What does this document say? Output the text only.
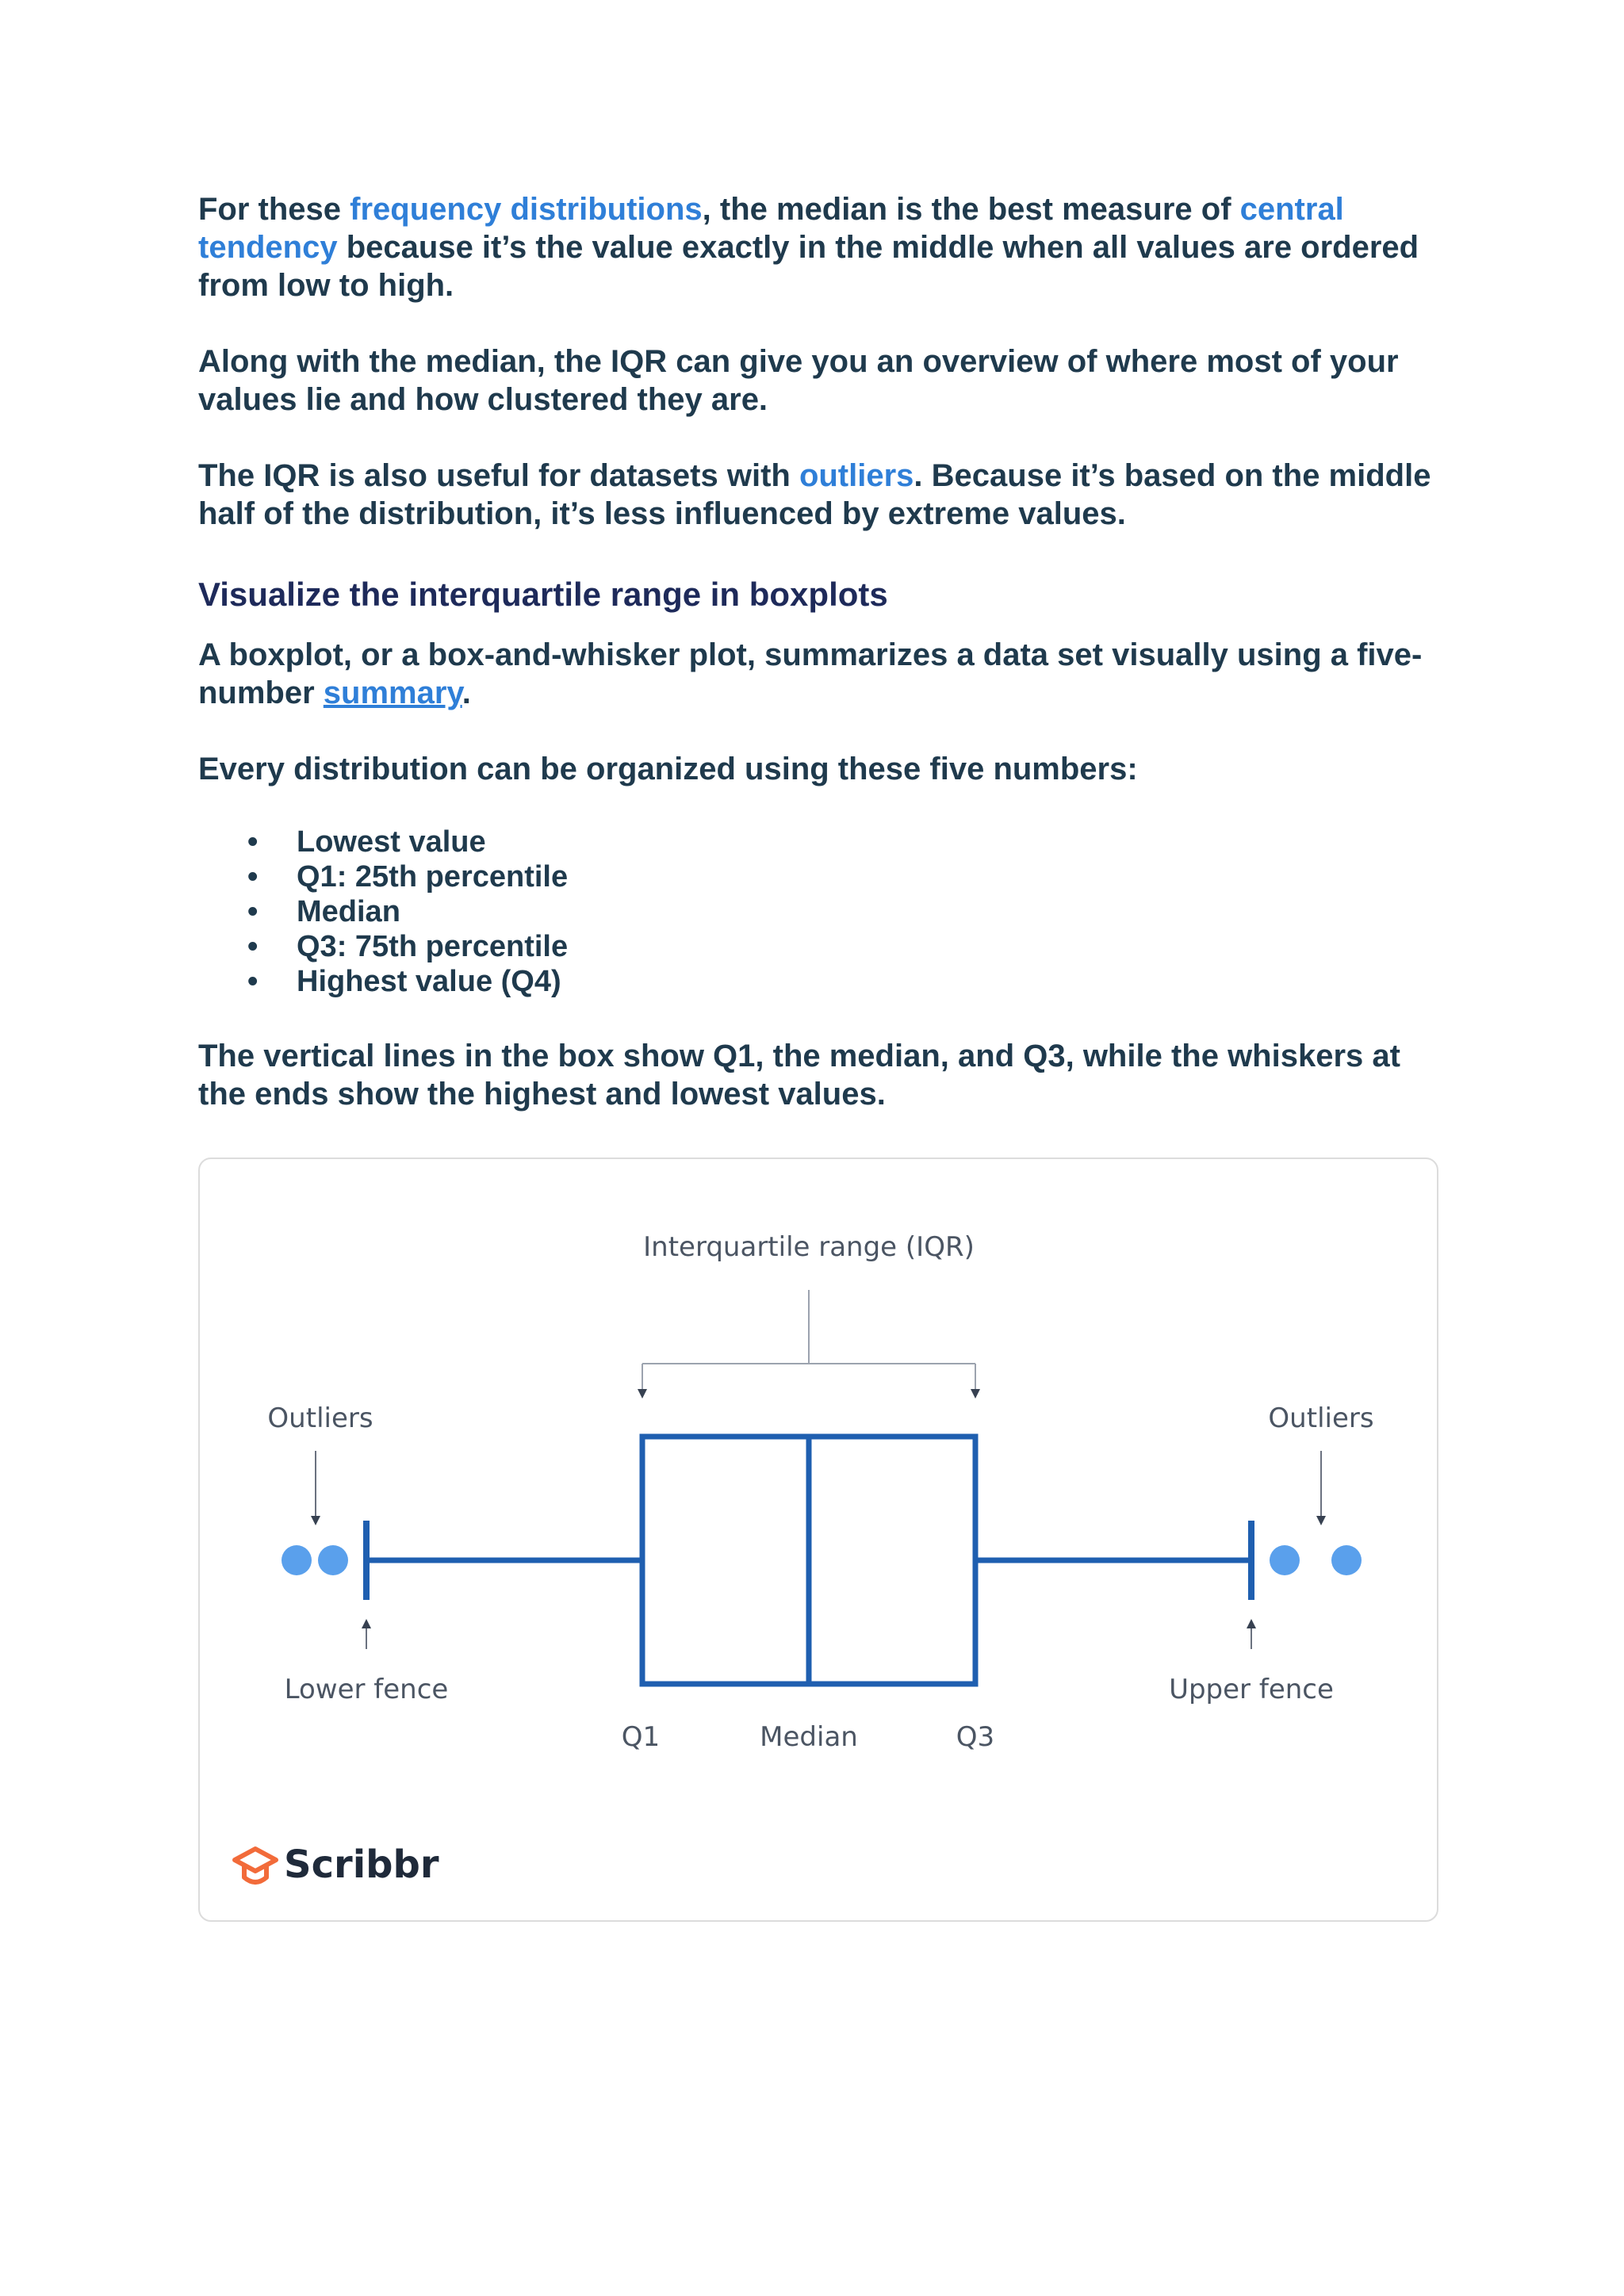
For these frequency distributions, the median is the best measure of central tendency because it’s the value exactly in the middle when all values are ordered from low to high.

Along with the median, the IQR can give you an overview of where most of your values lie and how clustered they are.

The IQR is also useful for datasets with outliers. Because it’s based on the middle half of the distribution, it’s less influenced by extreme values.

Visualize the interquartile range in boxplots

A boxplot, or a box-and-whisker plot, summarizes a data set visually using a five-number summary.

Every distribution can be organized using these five numbers:

• Lowest value
• Q1: 25th percentile
• Median
• Q3: 75th percentile
• Highest value (Q4)

The vertical lines in the box show Q1, the median, and Q3, while the whiskers at the ends show the highest and lowest values.

Interquartile range (IQR)
Outliers	Outliers
Lower fence	Upper fence
Q1	Median	Q3
Scribbr
